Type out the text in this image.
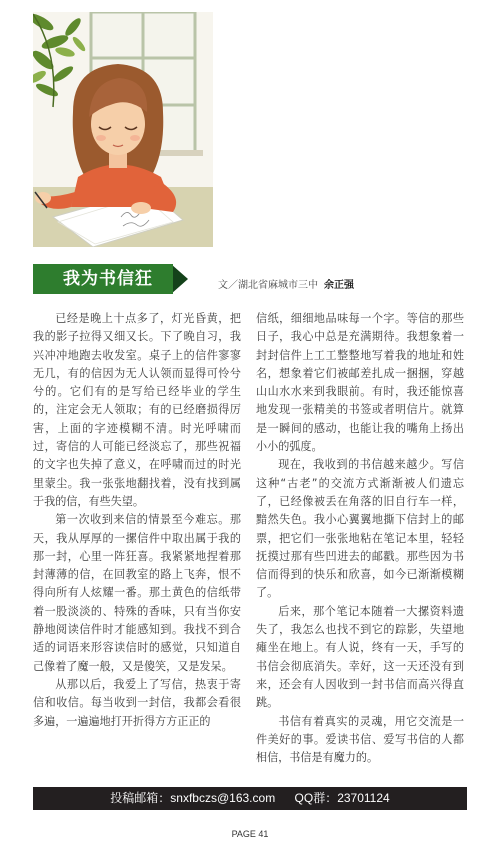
我为书信狂	文／湖北省麻城市三中 余正强

已经是晚上十点多了，灯光昏黄，把我的影子拉得又细又长。下了晚自习，我兴冲冲地跑去收发室。桌子上的信件寥寥无几，有的信因为无人认领而显得可怜兮兮的。它们有的是写给已经毕业的学生的，注定会无人领取；有的已经磨损得厉害，上面的字迹模糊不清。时光呼啸而过，寄信的人可能已经淡忘了，那些祝福的文字也失掉了意义，在呼啸而过的时光里蒙尘。我一张张地翻找着，没有找到属于我的信，有些失望。

第一次收到来信的情景至今难忘。那天，我从厚厚的一摞信件中取出属于我的那一封，心里一阵狂喜。我紧紧地捏着那封薄薄的信，在回教室的路上飞奔，恨不得向所有人炫耀一番。那土黄色的信纸带着一股淡淡的、特殊的香味，只有当你安静地阅读信件时才能感知到。我找不到合适的词语来形容读信时的感觉，只知道自己像着了魔一般，又是傻笑，又是发呆。

从那以后，我爱上了写信，热衷于寄信和收信。每当收到一封信，我都会看很多遍，一遍遍地打开折得方方正正的

信纸，细细地品味每一个字。等信的那些日子，我心中总是充满期待。我想象着一封封信件上工工整整地写着我的地址和姓名，想象着它们被邮差扎成一捆捆，穿越山山水水来到我眼前。有时，我还能惊喜地发现一张精美的书签或者明信片。就算是一瞬间的感动，也能让我的嘴角上扬出小小的弧度。

现在，我收到的书信越来越少。写信这种“古老”的交流方式渐渐被人们遗忘了，已经像被丢在角落的旧自行车一样，黯然失色。我小心翼翼地撕下信封上的邮票，把它们一张张地粘在笔记本里，轻轻抚摸过那有些凹进去的邮戳。那些因为书信而得到的快乐和欣喜，如今已渐渐模糊了。

后来，那个笔记本随着一大摞资料遗失了，我怎么也找不到它的踪影，失望地瘫坐在地上。有人说，终有一天，手写的书信会彻底消失。幸好，这一天还没有到来，还会有人因收到一封书信而高兴得直跳。

书信有着真实的灵魂，用它交流是一件美好的事。爱读书信、爱写书信的人都相信，书信是有魔力的。

投稿邮箱：snxfbczs@163.com QQ群：23701124
PAGE 41
